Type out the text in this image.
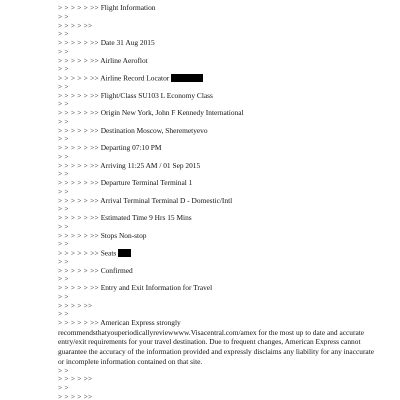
> > > > > >> Flight Information
> >
> > > > >>
> >
> > > > > >> Date 31 Aug 2015
> >
> > > > > >> Airline Aeroflot
> >
> > > > > >> Airline Record Locator
> >
> > > > > >> Flight/Class SU103 L Economy Class
> >
> > > > > >> Origin New York, John F Kennedy International
> >
> > > > > >> Destination Moscow, Sheremetyevo
> >
> > > > > >> Departing 07:10 PM
> >
> > > > > >> Arriving 11:25 AM / 01 Sep 2015
> >
> > > > > >> Departure Terminal Terminal 1
> >
> > > > > >> Arrival Terminal Terminal D - Domestic/Intl
> >
> > > > > >> Estimated Time 9 Hrs 15 Mins
> >
> > > > > >> Stops Non-stop
> >
> > > > > >> Seats
> >
> > > > > >> Confirmed
> >
> > > > > >> Entry and Exit Information for Travel
> >
> > > > >>
> >
> > > > > >> American Express strongly
recommendsthatyouperiodicallyreviewwww.Visacentral.com/amex for the most up to date and accurate entry/exit requirements for your travel destination. Due to frequent changes, American Express cannot guarantee the accuracy of the information provided and expressly disclaims any liability for any inaccurate or incomplete information contained on that site.
> >
> > > > >>
> >
> > > > >>
